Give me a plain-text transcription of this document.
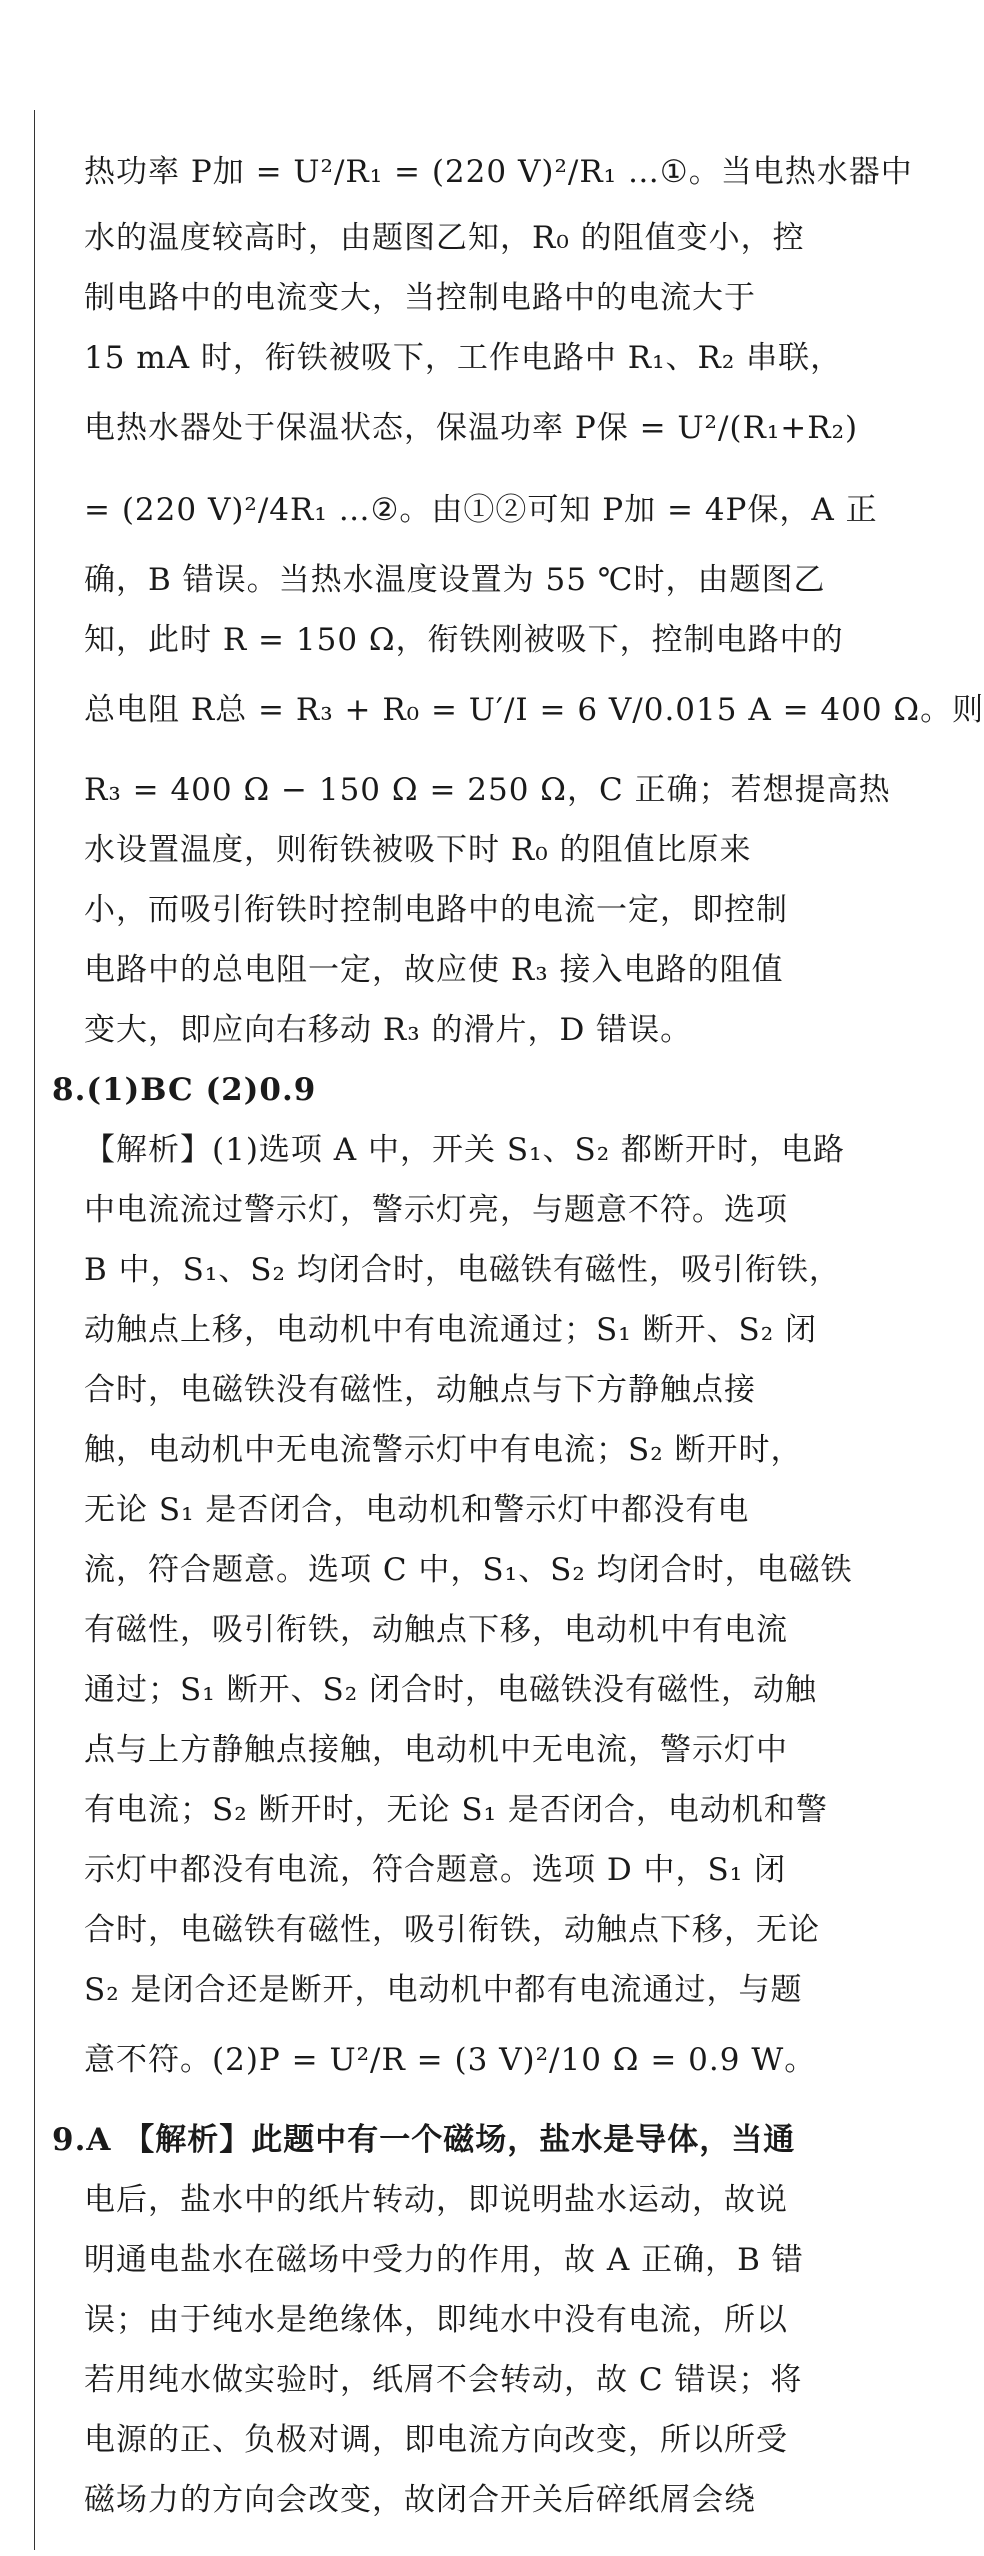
热功率 P加 = U²/R₁ = (220 V)²/R₁ …①。当电热水器中
水的温度较高时，由题图乙知，R₀ 的阻值变小，控
制电路中的电流变大，当控制电路中的电流大于
15 mA 时，衔铁被吸下，工作电路中 R₁、R₂ 串联，
电热水器处于保温状态，保温功率 P保 = U²/(R₁+R₂)
= (220 V)²/4R₁ …②。由①②可知 P加 = 4P保，A 正
确，B 错误。当热水温度设置为 55 ℃时，由题图乙
知，此时 R = 150 Ω，衔铁刚被吸下，控制电路中的
总电阻 R总 = R₃ + R₀ = U′/I = 6 V/0.015 A = 400 Ω。则
R₃ = 400 Ω − 150 Ω = 250 Ω，C 正确；若想提高热
水设置温度，则衔铁被吸下时 R₀ 的阻值比原来
小，而吸引衔铁时控制电路中的电流一定，即控制
电路中的总电阻一定，故应使 R₃ 接入电路的阻值
变大，即应向右移动 R₃ 的滑片，D 错误。
8.(1)BC (2)0.9
【解析】(1)选项 A 中，开关 S₁、S₂ 都断开时，电路
中电流流过警示灯，警示灯亮，与题意不符。选项
B 中，S₁、S₂ 均闭合时，电磁铁有磁性，吸引衔铁，
动触点上移，电动机中有电流通过；S₁ 断开、S₂ 闭
合时，电磁铁没有磁性，动触点与下方静触点接
触，电动机中无电流警示灯中有电流；S₂ 断开时，
无论 S₁ 是否闭合，电动机和警示灯中都没有电
流，符合题意。选项 C 中，S₁、S₂ 均闭合时，电磁铁
有磁性，吸引衔铁，动触点下移，电动机中有电流
通过；S₁ 断开、S₂ 闭合时，电磁铁没有磁性，动触
点与上方静触点接触，电动机中无电流，警示灯中
有电流；S₂ 断开时，无论 S₁ 是否闭合，电动机和警
示灯中都没有电流，符合题意。选项 D 中，S₁ 闭
合时，电磁铁有磁性，吸引衔铁，动触点下移，无论
S₂ 是闭合还是断开，电动机中都有电流通过，与题
意不符。(2)P = U²/R = (3 V)²/10 Ω = 0.9 W。
9.A 【解析】此题中有一个磁场，盐水是导体，当通
电后，盐水中的纸片转动，即说明盐水运动，故说
明通电盐水在磁场中受力的作用，故 A 正确，B 错
误；由于纯水是绝缘体，即纯水中没有电流，所以
若用纯水做实验时，纸屑不会转动，故 C 错误；将
电源的正、负极对调，即电流方向改变，所以所受
磁场力的方向会改变，故闭合开关后碎纸屑会绕
